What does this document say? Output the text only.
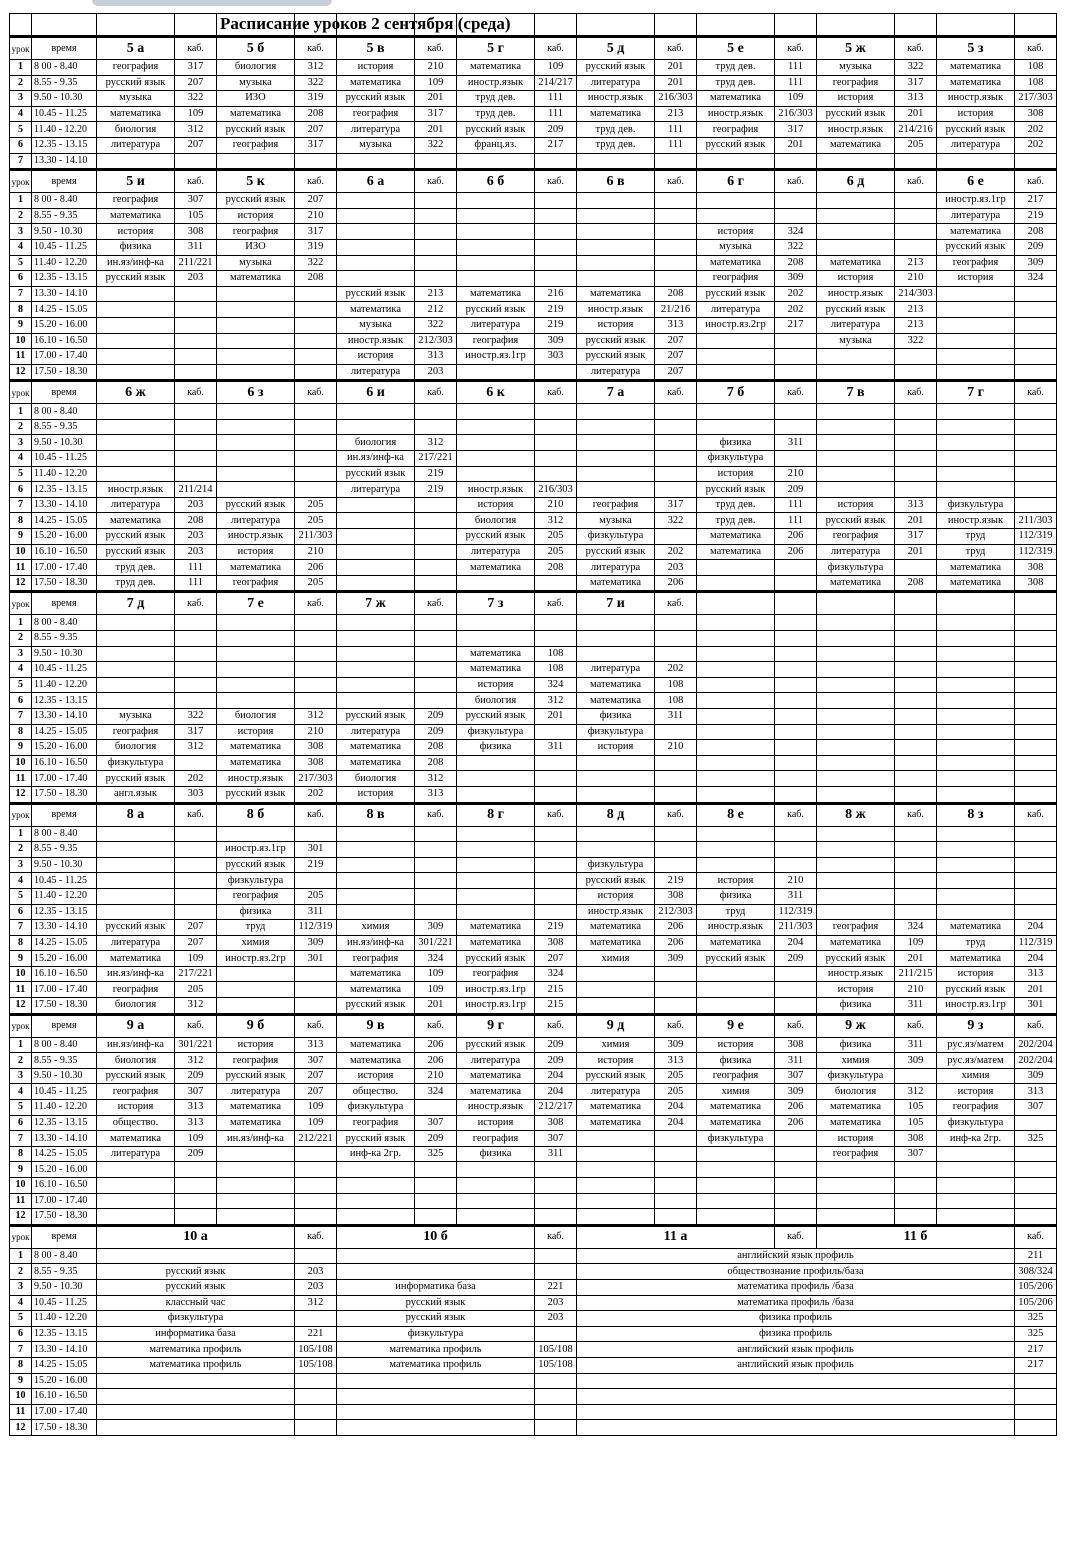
урок	время	5 а	каб.	5 б	каб.	5 в	каб.	5 г	каб.	5 д	каб.	5 е	каб.	5 ж	каб.	5 з	каб.
1	8 00 - 8.40	география	317	биология	312	история	210	математика	109	русский язык	201	труд дев.	111	музыка	322	математика	108
2	8.55 - 9.35	русский язык	207	музыка	322	математика	109	иностр.язык	214/217	литература	201	труд дев.	111	география	317	математика	108
3	9.50 - 10.30	музыка	322	ИЗО	319	русский язык	201	труд дев.	111	иностр.язык	216/303	математика	109	история	313	иностр.язык	217/303
4	10.45 - 11.25	математика	109	математика	208	география	317	труд дев.	111	математика	213	иностр.язык	216/303	русский язык	201	история	308
5	11.40 - 12.20	биология	312	русский язык	207	литература	201	русский язык	209	труд дев.	111	география	317	иностр.язык	214/216	русский язык	202
6	12.35 - 13.15	литература	207	география	317	музыка	322	франц.яз.	217	труд дев.	111	русский язык	201	математика	205	литература	202
7	13.30 - 14.10																
урок	время	5 и	каб.	5 к	каб.	6 а	каб.	6 б	каб.	6 в	каб.	6 г	каб.	6 д	каб.	6 е	каб.
1	8 00 - 8.40	география	307	русский язык	207											иностр.яз.1гр	217
2	8.55 - 9.35	математика	105	история	210											литература	219
3	9.50 - 10.30	история	308	география	317							история	324			математика	208
4	10.45 - 11.25	физика	311	ИЗО	319							музыка	322			русский язык	209
5	11.40 - 12.20	ин.яз/инф-ка	211/221	музыка	322							математика	208	математика	213	география	309
6	12.35 - 13.15	русский язык	203	математика	208							география	309	история	210	история	324
7	13.30 - 14.10					русский язык	213	математика	216	математика	208	русский язык	202	иностр.язык	214/303		
8	14.25 - 15.05					математика	212	русский язык	219	иностр.язык	21/216	литература	202	русский язык	213		
9	15.20 - 16.00					музыка	322	литература	219	история	313	иностр.яз.2гр	217	литература	213		
10	16.10 - 16.50					иностр.язык	212/303	география	309	русский язык	207			музыка	322		
11	17.00 - 17.40					история	313	иностр.яз.1гр	303	русский язык	207						
12	17.50 - 18.30					литература	203			литература	207						
урок	время	6 ж	каб.	6 з	каб.	6 и	каб.	6 к	каб.	7 а	каб.	7 б	каб.	7 в	каб.	7 г	каб.
1	8 00 - 8.40																
2	8.55 - 9.35																
3	9.50 - 10.30					биология	312					физика	311				
4	10.45 - 11.25					ин.яз/инф-ка	217/221					физкультура					
5	11.40 - 12.20					русский язык	219					история	210				
6	12.35 - 13.15	иностр.язык	211/214			литература	219	иностр.язык	216/303			русский язык	209				
7	13.30 - 14.10	литература	203	русский язык	205			история	210	география	317	труд дев.	111	история	313	физкультура	
8	14.25 - 15.05	математика	208	литература	205			биология	312	музыка	322	труд дев.	111	русский язык	201	иностр.язык	211/303
9	15.20 - 16.00	русский язык	203	иностр.язык	211/303			русский язык	205	физкультура		математика	206	география	317	труд	112/319
10	16.10 - 16.50	русский язык	203	история	210			литература	205	русский язык	202	математика	206	литература	201	труд	112/319
11	17.00 - 17.40	труд дев.	111	математика	206			математика	208	литература	203			физкультура		математика	308
12	17.50 - 18.30	труд дев.	111	география	205					математика	206			математика	208	математика	308
урок	время	7 д	каб.	7 е	каб.	7 ж	каб.	7 з	каб.	7 и	каб.						
1	8 00 - 8.40																
2	8.55 - 9.35																
3	9.50 - 10.30							математика	108								
4	10.45 - 11.25							математика	108	литература	202						
5	11.40 - 12.20							история	324	математика	108						
6	12.35 - 13.15							биология	312	математика	108						
7	13.30 - 14.10	музыка	322	биология	312	русский язык	209	русский язык	201	физика	311						
8	14.25 - 15.05	география	317	история	210	литература	209	физкультура		физкультура							
9	15.20 - 16.00	биология	312	математика	308	математика	208	физика	311	история	210						
10	16.10 - 16.50	физкультура		математика	308	математика	208										
11	17.00 - 17.40	русский язык	202	иностр.язык	217/303	биология	312										
12	17.50 - 18.30	англ.язык	303	русский язык	202	история	313										
урок	время	8 а	каб.	8 б	каб.	8 в	каб.	8 г	каб.	8 д	каб.	8 е	каб.	8 ж	каб.	8 з	каб.
1	8 00 - 8.40																
2	8.55 - 9.35			иностр.яз.1гр	301												
3	9.50 - 10.30			русский язык	219					физкультура							
4	10.45 - 11.25			физкультура						русский язык	219	история	210				
5	11.40 - 12.20			география	205					история	308	физика	311				
6	12.35 - 13.15			физика	311					иностр.язык	212/303	труд	112/319				
7	13.30 - 14.10	русский язык	207	труд	112/319	химия	309	математика	219	математика	206	иностр.язык	211/303	география	324	математика	204
8	14.25 - 15.05	литература	207	химия	309	ин.яз/инф-ка	301/221	математика	308	математика	206	математика	204	математика	109	труд	112/319
9	15.20 - 16.00	математика	109	иностр.яз.2гр	301	география	324	русский язык	207	химия	309	русский язык	209	русский язык	201	математика	204
10	16.10 - 16.50	ин.яз/инф-ка	217/221			математика	109	география	324					иностр.язык	211/215	история	313
11	17.00 - 17.40	география	205			математика	109	иностр.яз.1гр	215					история	210	русский язык	201
12	17.50 - 18.30	биология	312			русский язык	201	иностр.яз.1гр	215					физика	311	иностр.яз.1гр	301
урок	время	9 а	каб.	9 б	каб.	9 в	каб.	9 г	каб.	9 д	каб.	9 е	каб.	9 ж	каб.	9 з	каб.
1	8 00 - 8.40	ин.яз/инф-ка	301/221	история	313	математика	206	русский язык	209	химия	309	история	308	физика	311	рус.яз/матем	202/204
2	8.55 - 9.35	биология	312	география	307	математика	206	литература	209	история	313	физика	311	химия	309	рус.яз/матем	202/204
3	9.50 - 10.30	русский язык	209	русский язык	207	история	210	математика	204	русский язык	205	география	307	физкультура		химия	309
4	10.45 - 11.25	география	307	литература	207	общество.	324	математика	204	литература	205	химия	309	биология	312	история	313
5	11.40 - 12.20	история	313	математика	109	физкультура		иностр.язык	212/217	математика	204	математика	206	математика	105	география	307
6	12.35 - 13.15	общество.	313	математика	109	география	307	история	308	математика	204	математика	206	математика	105	физкультура	
7	13.30 - 14.10	математика	109	ин.яз/инф-ка	212/221	русский язык	209	география	307			физкультура		история	308	инф-ка 2гр.	325
8	14.25 - 15.05	литература	209			инф-ка 2гр.	325	физика	311					география	307		
9	15.20 - 16.00																
10	16.10 - 16.50																
11	17.00 - 17.40																
12	17.50 - 18.30																
урок	время	10 а			каб.	10 б			каб.	11 а			каб.	11 б			каб.
1	8 00 - 8.40									английский язык профиль							211
2	8.55 - 9.35	русский язык			203					обществознание профиль/база							308/324
3	9.50 - 10.30	русский язык			203	информатика база			221	математика профиль /база							105/206
4	10.45 - 11.25	классный час			312	русский язык			203	математика профиль /база							105/206
5	11.40 - 12.20	физкультура				русский язык			203	физика профиль							325
6	12.35 - 13.15	информатика база			221	физкультура				физика профиль							325
7	13.30 - 14.10	математика профиль			105/108	математика профиль			105/108	английский язык профиль							217
8	14.25 - 15.05	математика профиль			105/108	математика профиль			105/108	английский язык профиль							217
9	15.20 - 16.00																
10	16.10 - 16.50																
11	17.00 - 17.40																
12	17.50 - 18.30																
Расписание уроков 2 сентября (среда)
